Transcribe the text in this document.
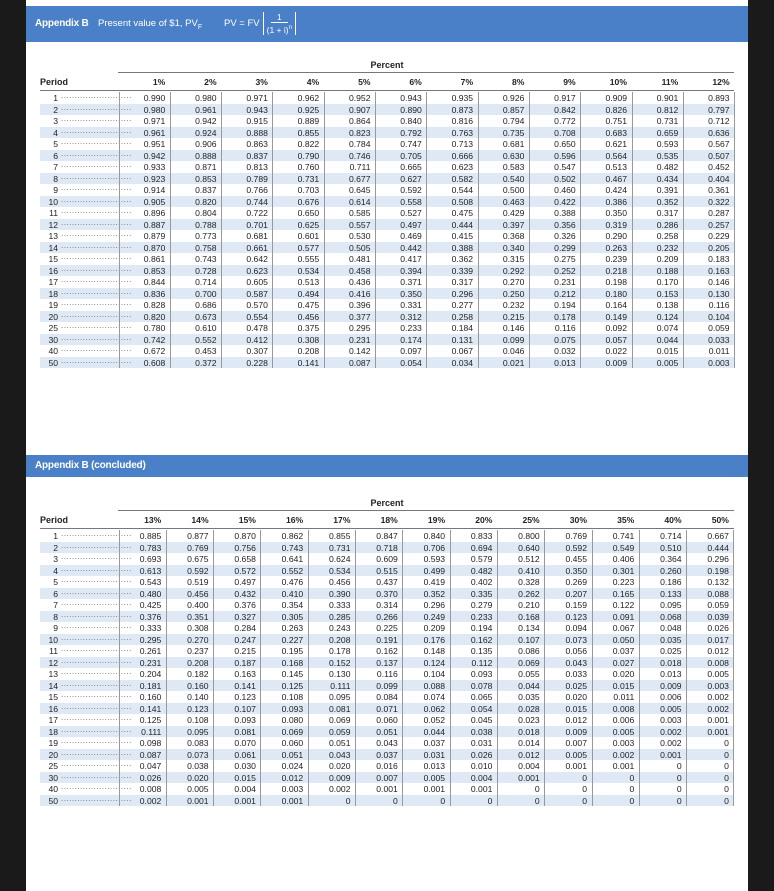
Appendix B Present value of $1, $PV_F$ PV = FV $\frac{1}{(1 + i)^n}$
Percent
Period	1%	2%	3%	4%	5%	6%	7%	8%	9%	10%	11%	12%
1 ..........................	0.990	0.980	0.971	0.962	0.952	0.943	0.935	0.926	0.917	0.909	0.901	0.893
2 ..........................	0.980	0.961	0.943	0.925	0.907	0.890	0.873	0.857	0.842	0.826	0.812	0.797
3 ..........................	0.971	0.942	0.915	0.889	0.864	0.840	0.816	0.794	0.772	0.751	0.731	0.712
4 ..........................	0.961	0.924	0.888	0.855	0.823	0.792	0.763	0.735	0.708	0.683	0.659	0.636
5 ..........................	0.951	0.906	0.863	0.822	0.784	0.747	0.713	0.681	0.650	0.621	0.593	0.567
6 ..........................	0.942	0.888	0.837	0.790	0.746	0.705	0.666	0.630	0.596	0.564	0.535	0.507
7 ..........................	0.933	0.871	0.813	0.760	0.711	0.665	0.623	0.583	0.547	0.513	0.482	0.452
8 ..........................	0.923	0.853	0.789	0.731	0.677	0.627	0.582	0.540	0.502	0.467	0.434	0.404
9 ..........................	0.914	0.837	0.766	0.703	0.645	0.592	0.544	0.500	0.460	0.424	0.391	0.361
10 ..........................	0.905	0.820	0.744	0.676	0.614	0.558	0.508	0.463	0.422	0.386	0.352	0.322
11 ..........................	0.896	0.804	0.722	0.650	0.585	0.527	0.475	0.429	0.388	0.350	0.317	0.287
12 ..........................	0.887	0.788	0.701	0.625	0.557	0.497	0.444	0.397	0.356	0.319	0.286	0.257
13 ..........................	0.879	0.773	0.681	0.601	0.530	0.469	0.415	0.368	0.326	0.290	0.258	0.229
14 ..........................	0.870	0.758	0.661	0.577	0.505	0.442	0.388	0.340	0.299	0.263	0.232	0.205
15 ..........................	0.861	0.743	0.642	0.555	0.481	0.417	0.362	0.315	0.275	0.239	0.209	0.183
16 ..........................	0.853	0.728	0.623	0.534	0.458	0.394	0.339	0.292	0.252	0.218	0.188	0.163
17 ..........................	0.844	0.714	0.605	0.513	0.436	0.371	0.317	0.270	0.231	0.198	0.170	0.146
18 ..........................	0.836	0.700	0.587	0.494	0.416	0.350	0.296	0.250	0.212	0.180	0.153	0.130
19 ..........................	0.828	0.686	0.570	0.475	0.396	0.331	0.277	0.232	0.194	0.164	0.138	0.116
20 ..........................	0.820	0.673	0.554	0.456	0.377	0.312	0.258	0.215	0.178	0.149	0.124	0.104
25 ..........................	0.780	0.610	0.478	0.375	0.295	0.233	0.184	0.146	0.116	0.092	0.074	0.059
30 ..........................	0.742	0.552	0.412	0.308	0.231	0.174	0.131	0.099	0.075	0.057	0.044	0.033
40 ..........................	0.672	0.453	0.307	0.208	0.142	0.097	0.067	0.046	0.032	0.022	0.015	0.011
50 ..........................	0.608	0.372	0.228	0.141	0.087	0.054	0.034	0.021	0.013	0.009	0.005	0.003
Appendix B (concluded)
Percent
Period	13%	14%	15%	16%	17%	18%	19%	20%	25%	30%	35%	40%	50%
1 .......................... 0.885	0.877	0.870	0.862	0.855	0.847	0.840	0.833	0.800	0.769	0.741	0.714	0.667
2 .......................... 0.783	0.769	0.756	0.743	0.731	0.718	0.706	0.694	0.640	0.592	0.549	0.510	0.444
3 .......................... 0.693	0.675	0.658	0.641	0.624	0.609	0.593	0.579	0.512	0.455	0.406	0.364	0.296
4 .......................... 0.613	0.592	0.572	0.552	0.534	0.515	0.499	0.482	0.410	0.350	0.301	0.260	0.198
5 .......................... 0.543	0.519	0.497	0.476	0.456	0.437	0.419	0.402	0.328	0.269	0.223	0.186	0.132
6 .......................... 0.480	0.456	0.432	0.410	0.390	0.370	0.352	0.335	0.262	0.207	0.165	0.133	0.088
7 .......................... 0.425	0.400	0.376	0.354	0.333	0.314	0.296	0.279	0.210	0.159	0.122	0.095	0.059
8 .......................... 0.376	0.351	0.327	0.305	0.285	0.266	0.249	0.233	0.168	0.123	0.091	0.068	0.039
9 .......................... 0.333	0.308	0.284	0.263	0.243	0.225	0.209	0.194	0.134	0.094	0.067	0.048	0.026
10 .......................... 0.295	0.270	0.247	0.227	0.208	0.191	0.176	0.162	0.107	0.073	0.050	0.035	0.017
11 .......................... 0.261	0.237	0.215	0.195	0.178	0.162	0.148	0.135	0.086	0.056	0.037	0.025	0.012
12 .......................... 0.231	0.208	0.187	0.168	0.152	0.137	0.124	0.112	0.069	0.043	0.027	0.018	0.008
13 .......................... 0.204	0.182	0.163	0.145	0.130	0.116	0.104	0.093	0.055	0.033	0.020	0.013	0.005
14 .......................... 0.181	0.160	0.141	0.125	0.111	0.099	0.088	0.078	0.044	0.025	0.015	0.009	0.003
15 .......................... 0.160	0.140	0.123	0.108	0.095	0.084	0.074	0.065	0.035	0.020	0.011	0.006	0.002
16 .......................... 0.141	0.123	0.107	0.093	0.081	0.071	0.062	0.054	0.028	0.015	0.008	0.005	0.002
17 .......................... 0.125	0.108	0.093	0.080	0.069	0.060	0.052	0.045	0.023	0.012	0.006	0.003	0.001
18 ..........................	0.111	0.095	0.081	0.069	0.059	0.051	0.044	0.038	0.018	0.009	0.005	0.002	0.001
19 .......................... 0.098	0.083	0.070	0.060	0.051	0.043	0.037	0.031	0.014	0.007	0.003	0.002	0
20 .......................... 0.087	0.073	0.061	0.051	0.043	0.037	0.031	0.026	0.012	0.005	0.002	0.001	0
25 .......................... 0.047	0.038	0.030	0.024	0.020	0.016	0.013	0.010	0.004	0.001	0.001	0	0
30 .......................... 0.026	0.020	0.015	0.012	0.009	0.007	0.005	0.004	0.001	0	0	0	0
40 .......................... 0.008	0.005	0.004	0.003	0.002	0.001	0.001	0.001	0	0	0	0	0
50 .......................... 0.002	0.001	0.001	0.001	0	0	0	0	0	0	0	0	0
